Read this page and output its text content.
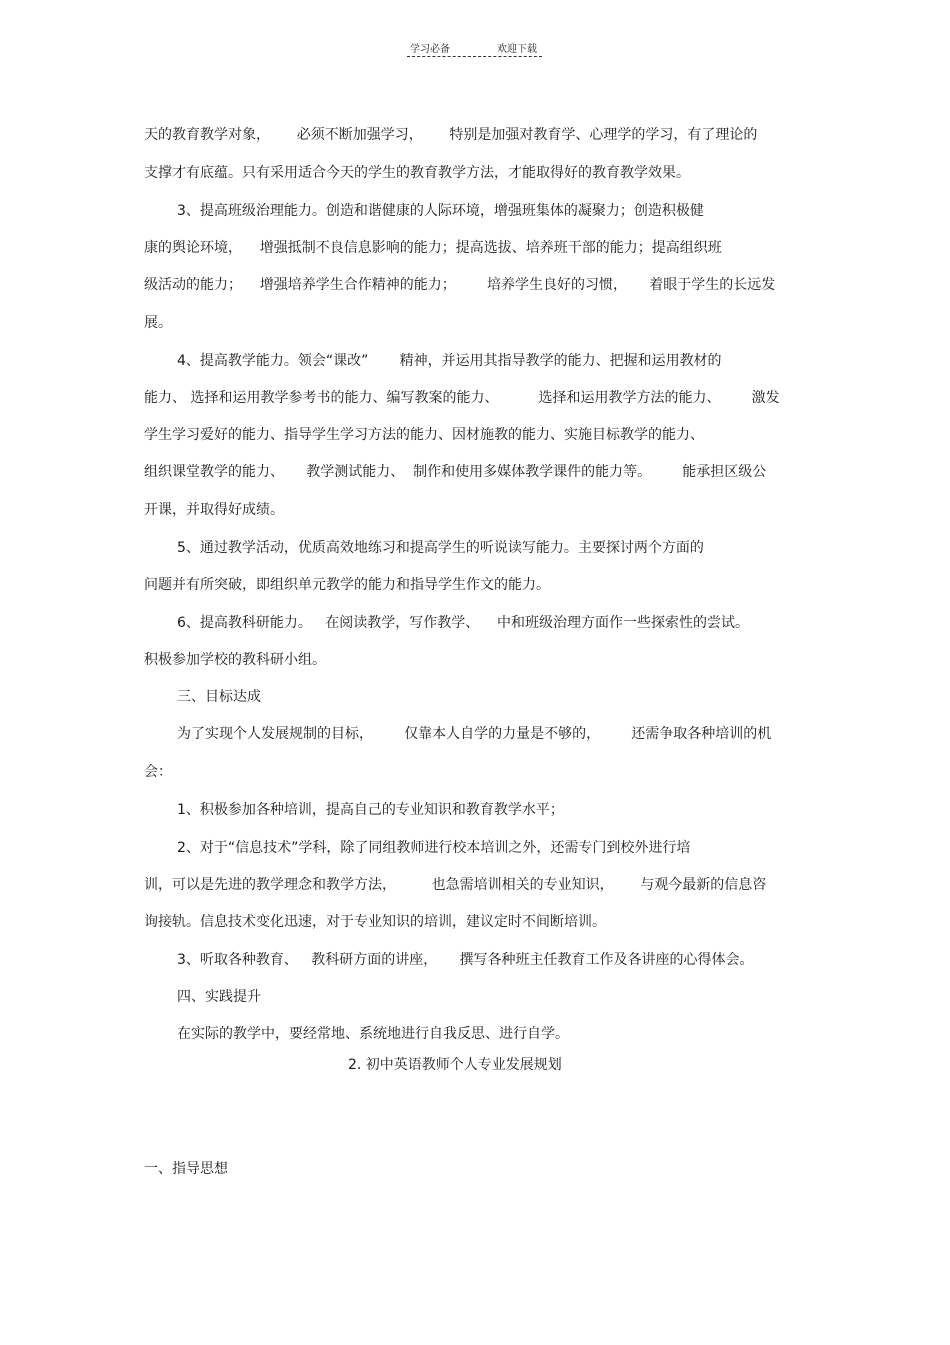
学习必备	欢迎下载
天的教育教学对象，      必须不断加强学习，      特别是加强对教育学、心理学的学习，有了理论的
支撑才有底蕴。只有采用适合今天的学生的教育教学方法，才能取得好的教育教学效果。
3、提高班级治理能力。创造和谐健康的人际环境，增强班集体的凝聚力；创造积极健
康的舆论环境，    增强抵制不良信息影响的能力；提高选拔、培养班干部的能力；提高组织班
级活动的能力；    增强培养学生合作精神的能力；       培养学生良好的习惯，     着眼于学生的长远发
展。
4、提高教学能力。领会“课改”       精神，并运用其指导教学的能力、把握和运用教材的
能力、 选择和运用教学参考书的能力、编写教案的能力、         选择和运用教学方法的能力、       激发
学生学习爱好的能力、指导学生学习方法的能力、因材施教的能力、实施目标教学的能力、
组织课堂教学的能力、     教学测试能力、  制作和使用多媒体教学课件的能力等。       能承担区级公
开课，并取得好成绩。
5、通过教学活动，优质高效地练习和提高学生的听说读写能力。主要探讨两个方面的
问题并有所突破，即组织单元教学的能力和指导学生作文的能力。
6、提高教科研能力。   在阅读教学，写作教学、    中和班级治理方面作一些探索性的尝试。
积极参加学校的教科研小组。
三、目标达成
为了实现个人发展规制的目标，       仅靠本人自学的力量是不够的，       还需争取各种培训的机
会：
1、积极参加各种培训，提高自己的专业知识和教育教学水平；
2、对于“信息技术”学科，除了同组教师进行校本培训之外，还需专门到校外进行培
训，可以是先进的教学理念和教学方法，        也急需培训相关的专业知识，      与观今最新的信息咨
询接轨。信息技术变化迅速，对于专业知识的培训，建议定时不间断培训。
3、听取各种教育、   教科研方面的讲座，     撰写各种班主任教育工作及各讲座的心得体会。
四、实践提升
在实际的教学中，要经常地、系统地进行自我反思、进行自学。
2. 初中英语教师个人专业发展规划
一、指导思想
